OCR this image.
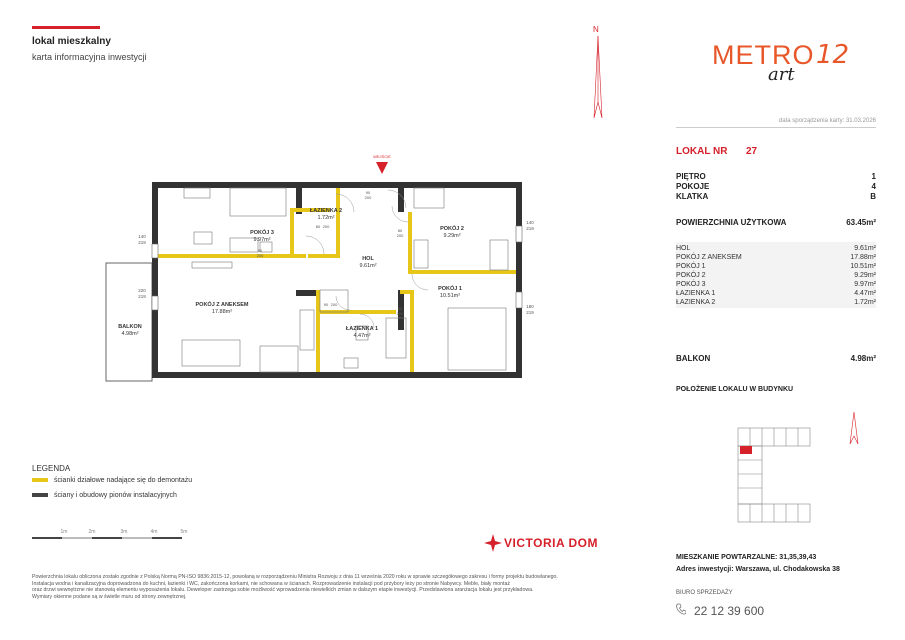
lokal mieszkalny
karta informacyjna inwestycji
N
METRO
art
12
data sporządzenia karty: 31.03.2026
LOKAL NR 27
PIĘTRO	1
POKOJE	4
KLATKA	B
POWIERZCHNIA UŻYTKOWA	63.45m²
HOL	9.61m²
POKÓJ Z ANEKSEM	17.88m²
POKÓJ 1	10.51m²
POKÓJ 2	9.29m²
POKÓJ 3	9.97m²
ŁAZIENKA 1	4.47m²
ŁAZIENKA 2	1.72m²
BALKON	4.98m²
POŁOŻENIE LOKALU W BUDYNKU
MIESZKANIE POWTARZALNE: 31,35,39,43
Adres inwestycji: Warszawa, ul. Chodakowska 38
BIURO SPRZEDAŻY
22 12 39 600
WEJŚCIE
POKÓJ 3
9.97m²
ŁAZIENKA 2
1.72m²
HOL
9.61m²
POKÓJ 2
9.29m²
POKÓJ Z ANEKSEM
17.88m²
ŁAZIENKA 1
4.47m²
POKÓJ 1
10.51m²
BALKON
4.98m²
140
219
220
219
140
219
180
219
80
200
80
200
80
200
80 200
90
200
90 200
LEGENDA
ścianki działowe nadające się do demontażu
ściany i obudowy pionów instalacyjnych
1m	2m	3m	4m	5m
VICTORIA DOM
Powierzchnia lokalu obliczona zostało zgodnie z Polską Normą PN-ISO 9836:2015-12, powołaną w rozporządzeniu Ministra Rozwoju z dnia 11 września 2020 roku w sprawie szczegółowego zakresu i formy projektu budowlanego.
Instalacja wodna i kanalizacyjna doprowadzona do kuchni, łazienki i WC, zakończona korkami, nie schowana w ścianach. Rozprowadzenie instalacji pod przybory leży po stronie Nabywcy. Meble, biały montaż
oraz drzwi wewnętrzne nie stanowią elementu wyposażenia lokalu. Deweloper zastrzega sobie możliwość wprowadzenia niewielkich zmian w dalszym etapie inwestycji. Przedstawiona aranżacja lokalu jest przykładowa.
Wymiary okienne podane są w świetle muru od strony zewnętrznej.
